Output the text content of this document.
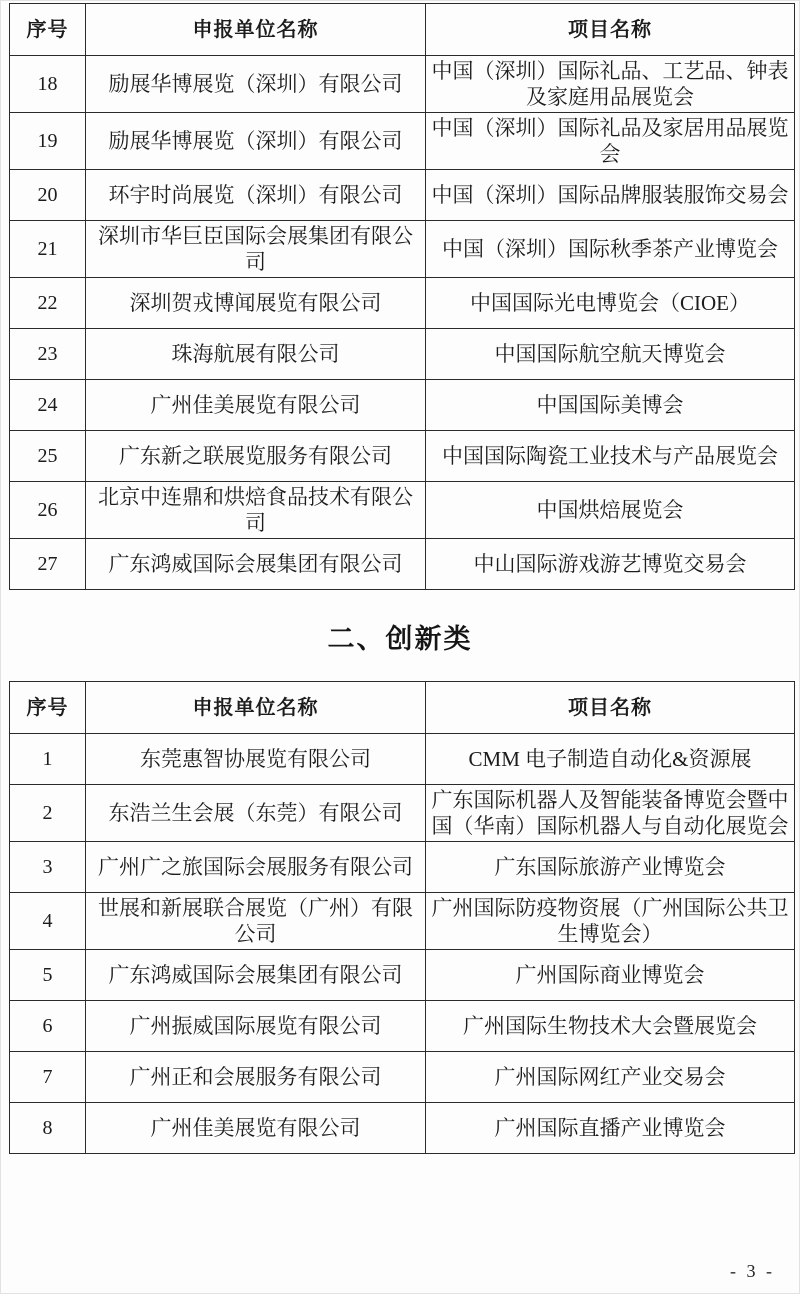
序号	申报单位名称	项目名称
18	励展华博展览（深圳）有限公司	中国（深圳）国际礼品、工艺品、钟表及家庭用品展览会
19	励展华博展览（深圳）有限公司	中国（深圳）国际礼品及家居用品展览会
20	环宇时尚展览（深圳）有限公司	中国（深圳）国际品牌服装服饰交易会
21	深圳市华巨臣国际会展集团有限公司	中国（深圳）国际秋季茶产业博览会
22	深圳贺戎博闻展览有限公司	中国国际光电博览会（CIOE）
23	珠海航展有限公司	中国国际航空航天博览会
24	广州佳美展览有限公司	中国国际美博会
25	广东新之联展览服务有限公司	中国国际陶瓷工业技术与产品展览会
26	北京中连鼎和烘焙食品技术有限公司	中国烘焙展览会
27	广东鸿威国际会展集团有限公司	中山国际游戏游艺博览交易会
二、创新类
序号	申报单位名称	项目名称
1	东莞惠智协展览有限公司	CMM 电子制造自动化&资源展
2	东浩兰生会展（东莞）有限公司	广东国际机器人及智能装备博览会暨中国（华南）国际机器人与自动化展览会
3	广州广之旅国际会展服务有限公司	广东国际旅游产业博览会
4	世展和新展联合展览（广州）有限公司	广州国际防疫物资展（广州国际公共卫生博览会）
5	广东鸿威国际会展集团有限公司	广州国际商业博览会
6	广州振威国际展览有限公司	广州国际生物技术大会暨展览会
7	广州正和会展服务有限公司	广州国际网红产业交易会
8	广州佳美展览有限公司	广州国际直播产业博览会
- 3 -
